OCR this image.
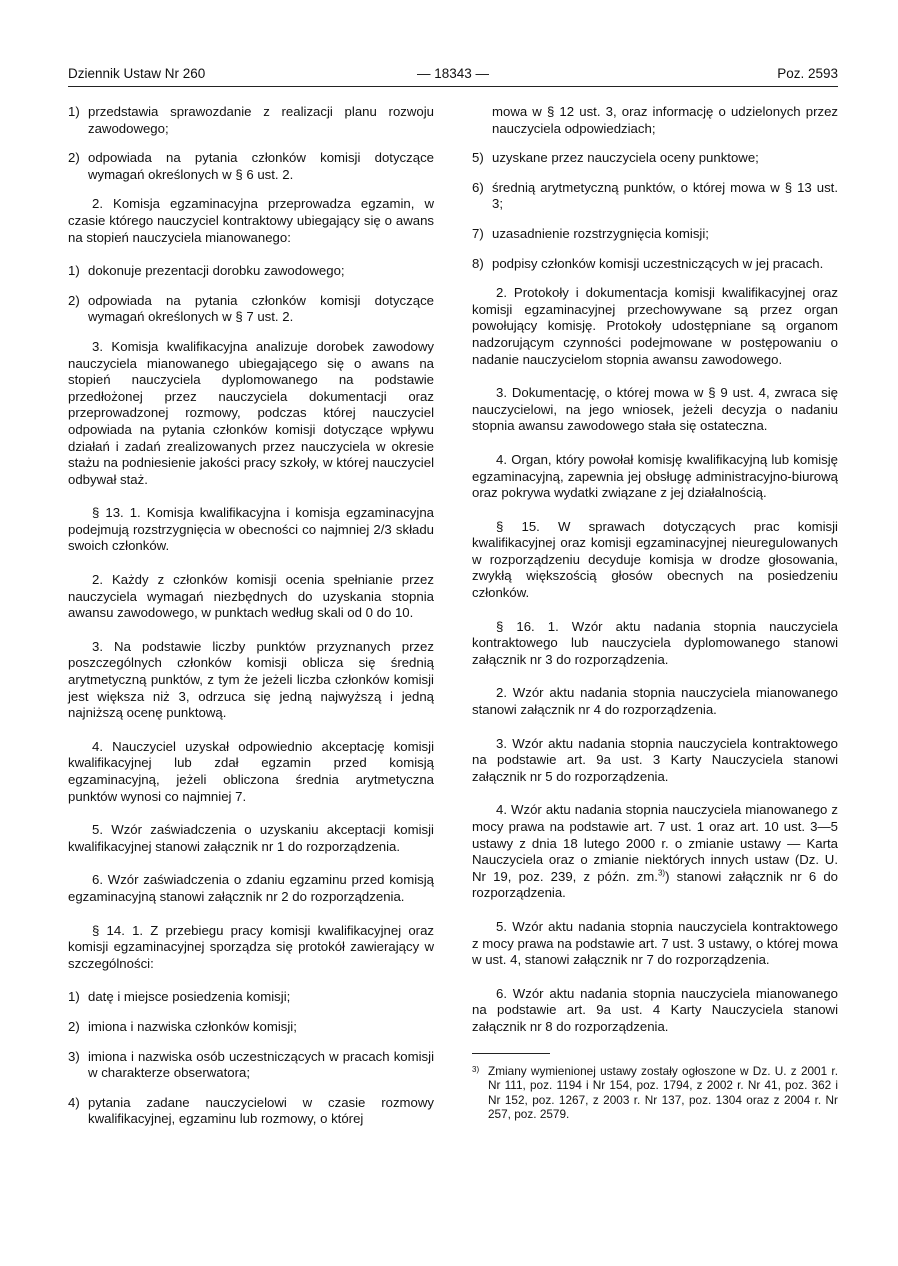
Dziennik Ustaw Nr 260	— 18343 —	Poz. 2593
1) przedstawia sprawozdanie z realizacji planu rozwoju zawodowego;
2) odpowiada na pytania członków komisji dotyczące wymagań określonych w § 6 ust. 2.

2. Komisja egzaminacyjna przeprowadza egzamin, w czasie którego nauczyciel kontraktowy ubiegający się o awans na stopień nauczyciela mianowanego:

1) dokonuje prezentacji dorobku zawodowego;
2) odpowiada na pytania członków komisji dotyczące wymagań określonych w § 7 ust. 2.

3. Komisja kwalifikacyjna analizuje dorobek zawodowy nauczyciela mianowanego ubiegającego się o awans na stopień nauczyciela dyplomowanego na podstawie przedłożonej przez nauczyciela dokumentacji oraz przeprowadzonej rozmowy, podczas której nauczyciel odpowiada na pytania członków komisji dotyczące wpływu działań i zadań zrealizowanych przez nauczyciela w okresie stażu na podniesienie jakości pracy szkoły, w której nauczyciel odbywał staż.

§ 13. 1. Komisja kwalifikacyjna i komisja egzaminacyjna podejmują rozstrzygnięcia w obecności co najmniej 2/3 składu swoich członków.

2. Każdy z członków komisji ocenia spełnianie przez nauczyciela wymagań niezbędnych do uzyskania stopnia awansu zawodowego, w punktach według skali od 0 do 10.

3. Na podstawie liczby punktów przyznanych przez poszczególnych członków komisji oblicza się średnią arytmetyczną punktów, z tym że jeżeli liczba członków komisji jest większa niż 3, odrzuca się jedną najwyższą i jedną najniższą ocenę punktową.

4. Nauczyciel uzyskał odpowiednio akceptację komisji kwalifikacyjnej lub zdał egzamin przed komisją egzaminacyjną, jeżeli obliczona średnia arytmetyczna punktów wynosi co najmniej 7.

5. Wzór zaświadczenia o uzyskaniu akceptacji komisji kwalifikacyjnej stanowi załącznik nr 1 do rozporządzenia.

6. Wzór zaświadczenia o zdaniu egzaminu przed komisją egzaminacyjną stanowi załącznik nr 2 do rozporządzenia.

§ 14. 1. Z przebiegu pracy komisji kwalifikacyjnej oraz komisji egzaminacyjnej sporządza się protokół zawierający w szczególności:

1) datę i miejsce posiedzenia komisji;
2) imiona i nazwiska członków komisji;
3) imiona i nazwiska osób uczestniczących w pracach komisji w charakterze obserwatora;
4) pytania zadane nauczycielowi w czasie rozmowy kwalifikacyjnej, egzaminu lub rozmowy, o której
mowa w § 12 ust. 3, oraz informację o udzielonych przez nauczyciela odpowiedziach;
5) uzyskane przez nauczyciela oceny punktowe;
6) średnią arytmetyczną punktów, o której mowa w § 13 ust. 3;
7) uzasadnienie rozstrzygnięcia komisji;
8) podpisy członków komisji uczestniczących w jej pracach.

2. Protokoły i dokumentacja komisji kwalifikacyjnej oraz komisji egzaminacyjnej przechowywane są przez organ powołujący komisję. Protokoły udostępniane są organom nadzorującym czynności podejmowane w postępowaniu o nadanie nauczycielom stopnia awansu zawodowego.

3. Dokumentację, o której mowa w § 9 ust. 4, zwraca się nauczycielowi, na jego wniosek, jeżeli decyzja o nadaniu stopnia awansu zawodowego stała się ostateczna.

4. Organ, który powołał komisję kwalifikacyjną lub komisję egzaminacyjną, zapewnia jej obsługę administracyjno-biurową oraz pokrywa wydatki związane z jej działalnością.

§ 15. W sprawach dotyczących prac komisji kwalifikacyjnej oraz komisji egzaminacyjnej nieuregulowanych w rozporządzeniu decyduje komisja w drodze głosowania, zwykłą większością głosów obecnych na posiedzeniu członków.

§ 16. 1. Wzór aktu nadania stopnia nauczyciela kontraktowego lub nauczyciela dyplomowanego stanowi załącznik nr 3 do rozporządzenia.

2. Wzór aktu nadania stopnia nauczyciela mianowanego stanowi załącznik nr 4 do rozporządzenia.

3. Wzór aktu nadania stopnia nauczyciela kontraktowego na podstawie art. 9a ust. 3 Karty Nauczyciela stanowi załącznik nr 5 do rozporządzenia.

4. Wzór aktu nadania stopnia nauczyciela mianowanego z mocy prawa na podstawie art. 7 ust. 1 oraz art. 10 ust. 3—5 ustawy z dnia 18 lutego 2000 r. o zmianie ustawy — Karta Nauczyciela oraz o zmianie niektórych innych ustaw (Dz. U. Nr 19, poz. 239, z późn. zm.$^{3)}$) stanowi załącznik nr 6 do rozporządzenia.

5. Wzór aktu nadania stopnia nauczyciela kontraktowego z mocy prawa na podstawie art. 7 ust. 3 ustawy, o której mowa w ust. 4, stanowi załącznik nr 7 do rozporządzenia.

6. Wzór aktu nadania stopnia nauczyciela mianowanego na podstawie art. 9a ust. 4 Karty Nauczyciela stanowi załącznik nr 8 do rozporządzenia.

3) Zmiany wymienionej ustawy zostały ogłoszone w Dz. U. z 2001 r. Nr 111, poz. 1194 i Nr 154, poz. 1794, z 2002 r. Nr 41, poz. 362 i Nr 152, poz. 1267, z 2003 r. Nr 137, poz. 1304 oraz z 2004 r. Nr 257, poz. 2579.
